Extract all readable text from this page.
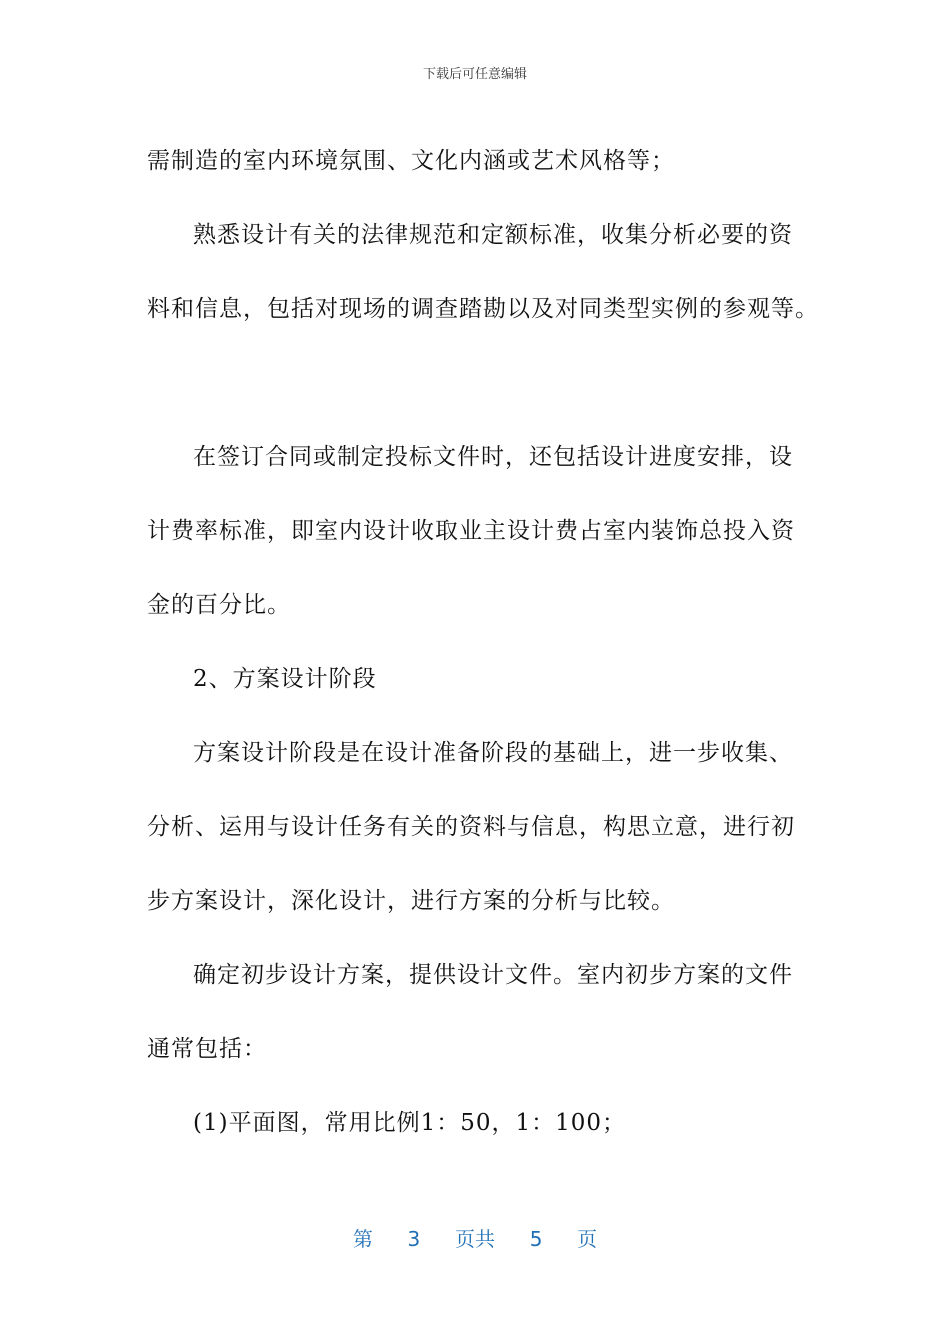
下载后可任意编辑
需制造的室内环境氛围、文化内涵或艺术风格等；
熟悉设计有关的法律规范和定额标准，收集分析必要的资
料和信息，包括对现场的调查踏勘以及对同类型实例的参观等。
在签订合同或制定投标文件时，还包括设计进度安排，设
计费率标准，即室内设计收取业主设计费占室内装饰总投入资
金的百分比。
2、方案设计阶段
方案设计阶段是在设计准备阶段的基础上，进一步收集、
分析、运用与设计任务有关的资料与信息，构思立意，进行初
步方案设计，深化设计，进行方案的分析与比较。
确定初步设计方案，提供设计文件。室内初步方案的文件
通常包括：
(1)平面图，常用比例1：50，1：100；
第 3 页共 5 页
